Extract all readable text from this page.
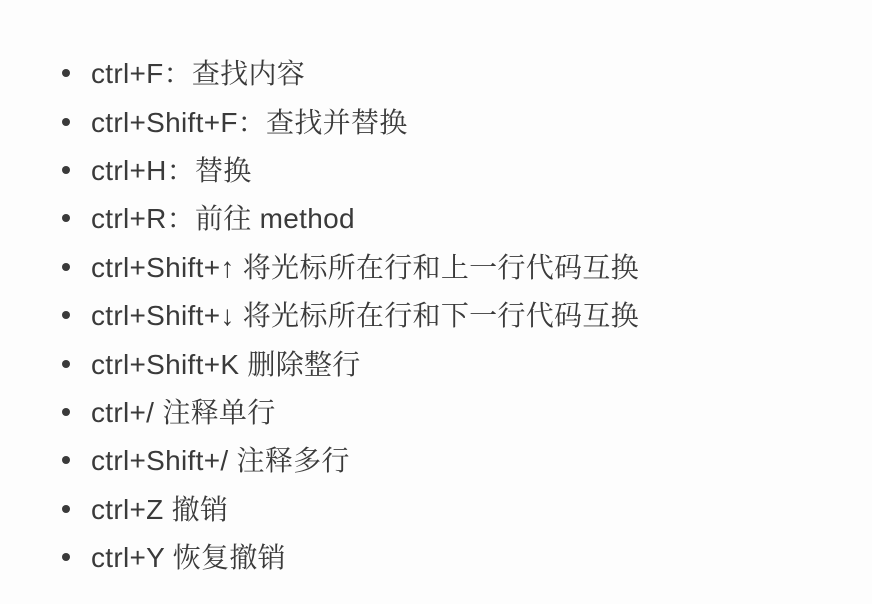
ctrl+F：查找内容
ctrl+Shift+F：查找并替换
ctrl+H：替换
ctrl+R：前往 method
ctrl+Shift+↑ 将光标所在行和上一行代码互换
ctrl+Shift+↓ 将光标所在行和下一行代码互换
ctrl+Shift+K 删除整行
ctrl+/ 注释单行
ctrl+Shift+/ 注释多行
ctrl+Z 撤销
ctrl+Y 恢复撤销
